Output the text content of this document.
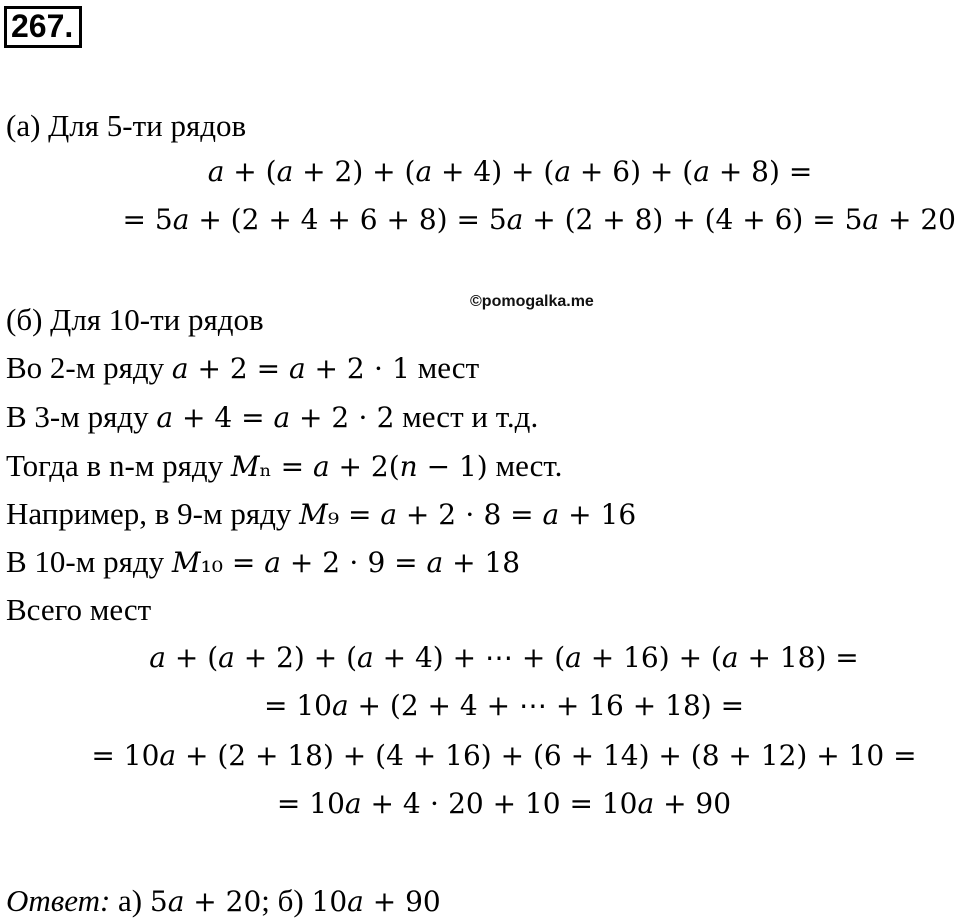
267.
©pomogalka.me
(а) Для 5-ти рядов
𝑎 + (𝑎 + 2) + (𝑎 + 4) + (𝑎 + 6) + (𝑎 + 8) =
= 5𝑎 + (2 + 4 + 6 + 8) = 5𝑎 + (2 + 8) + (4 + 6) = 5𝑎 + 20
(б) Для 10-ти рядов
Во 2-м ряду 𝑎 + 2 = 𝑎 + 2 ⋅ 1 мест
В 3-м ряду 𝑎 + 4 = 𝑎 + 2 ⋅ 2 мест и т.д.
Тогда в n-м ряду 𝑀ₙ = 𝑎 + 2(𝑛 − 1) мест.
Например, в 9-м ряду 𝑀₉ = 𝑎 + 2 ⋅ 8 = 𝑎 + 16
В 10-м ряду 𝑀₁₀ = 𝑎 + 2 ⋅ 9 = 𝑎 + 18
Всего мест
𝑎 + (𝑎 + 2) + (𝑎 + 4) + ⋯ + (𝑎 + 16) + (𝑎 + 18) =
= 10𝑎 + (2 + 4 + ⋯ + 16 + 18) =
= 10𝑎 + (2 + 18) + (4 + 16) + (6 + 14) + (8 + 12) + 10 =
= 10𝑎 + 4 ⋅ 20 + 10 = 10𝑎 + 90
Ответ: а) 5𝑎 + 20; б) 10𝑎 + 90
